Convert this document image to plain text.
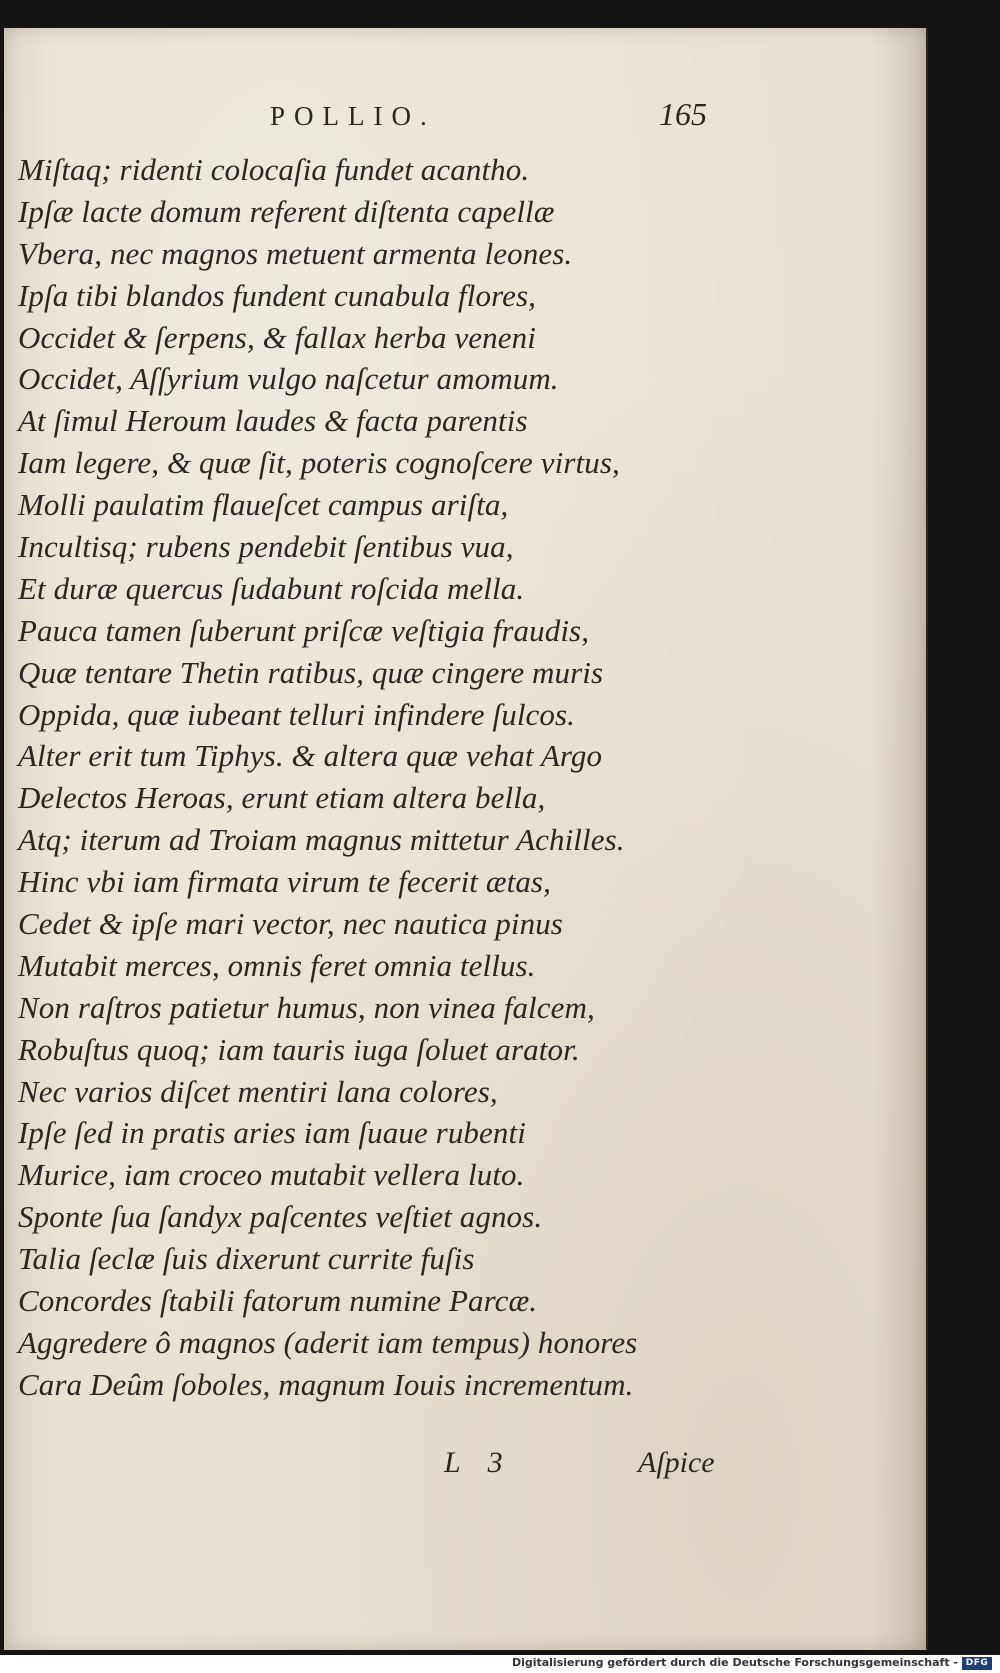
POLLIO.	165
Miſtaq; ridenti colocaſia fundet acantho.
Ipſæ lacte domum referent diſtenta capellæ
Vbera, nec magnos metuent armenta leones.
Ipſa tibi blandos fundent cunabula flores,
Occidet & ſerpens, & fallax herba veneni
Occidet, Aſſyrium vulgo naſcetur amomum.
At ſimul Heroum laudes & facta parentis
Iam legere, & quæ ſit, poteris cognoſcere virtus,
Molli paulatim flaueſcet campus ariſta,
Incultisq; rubens pendebit ſentibus vua,
Et duræ quercus ſudabunt roſcida mella.
Pauca tamen ſuberunt priſcæ veſtigia fraudis,
Quæ tentare Thetin ratibus, quæ cingere muris
Oppida, quæ iubeant telluri infindere ſulcos.
Alter erit tum Tiphys. & altera quæ vehat Argo
Delectos Heroas, erunt etiam altera bella,
Atq; iterum ad Troiam magnus mittetur Achilles.
Hinc vbi iam firmata virum te fecerit ætas,
Cedet & ipſe mari vector, nec nautica pinus
Mutabit merces, omnis feret omnia tellus.
Non raſtros patietur humus, non vinea falcem,
Robuſtus quoq; iam tauris iuga ſoluet arator.
Nec varios diſcet mentiri lana colores,
Ipſe ſed in pratis aries iam ſuaue rubenti
Murice, iam croceo mutabit vellera luto.
Sponte ſua ſandyx paſcentes veſtiet agnos.
Talia ſeclæ ſuis dixerunt currite fuſis
Concordes ſtabili fatorum numine Parcæ.
Aggredere ô magnos (aderit iam tempus) honores
Cara Deûm ſoboles, magnum Iouis incrementum.
L 3	Aſpice
Digitalisierung gefördert durch die Deutsche Forschungsgemeinschaft - DFG
